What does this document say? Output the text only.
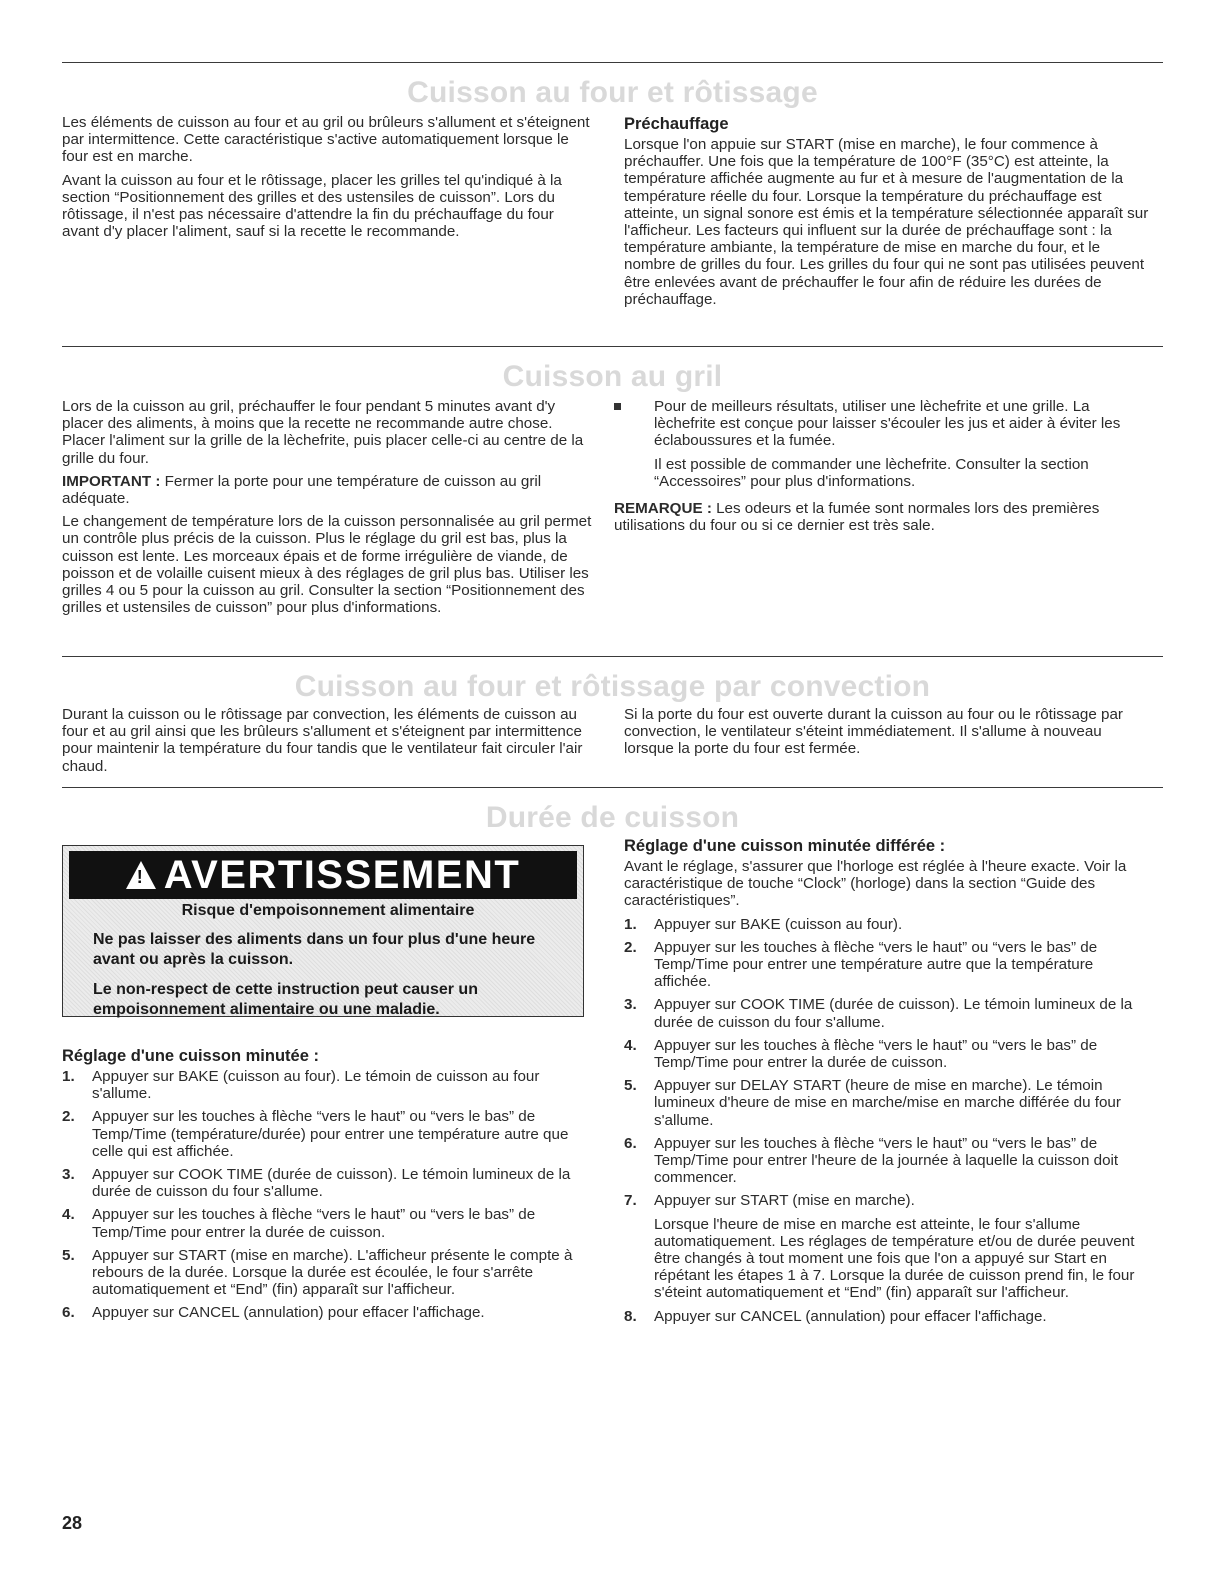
Cuisson au four et rôtissage

Les éléments de cuisson au four et au gril ou brûleurs s'allument et s'éteignent par intermittence. Cette caractéristique s'active automatiquement lorsque le four est en marche.

Avant la cuisson au four et le rôtissage, placer les grilles tel qu'indiqué à la section “Positionnement des grilles et des ustensiles de cuisson”. Lors du rôtissage, il n'est pas nécessaire d'attendre la fin du préchauffage du four avant d'y placer l'aliment, sauf si la recette le recommande.

Préchauffage

Lorsque l'on appuie sur START (mise en marche), le four commence à préchauffer. Une fois que la température de 100°F (35°C) est atteinte, la température affichée augmente au fur et à mesure de l'augmentation de la température réelle du four. Lorsque la température du préchauffage est atteinte, un signal sonore est émis et la température sélectionnée apparaît sur l'afficheur. Les facteurs qui influent sur la durée de préchauffage sont : la température ambiante, la température de mise en marche du four, et le nombre de grilles du four. Les grilles du four qui ne sont pas utilisées peuvent être enlevées avant de préchauffer le four afin de réduire les durées de préchauffage.

Cuisson au gril

Lors de la cuisson au gril, préchauffer le four pendant 5 minutes avant d'y placer des aliments, à moins que la recette ne recommande autre chose. Placer l'aliment sur la grille de la lèchefrite, puis placer celle-ci au centre de la grille du four.

IMPORTANT : Fermer la porte pour une température de cuisson au gril adéquate.

Le changement de température lors de la cuisson personnalisée au gril permet un contrôle plus précis de la cuisson. Plus le réglage du gril est bas, plus la cuisson est lente. Les morceaux épais et de forme irrégulière de viande, de poisson et de volaille cuisent mieux à des réglages de gril plus bas. Utiliser les grilles 4 ou 5 pour la cuisson au gril. Consulter la section “Positionnement des grilles et ustensiles de cuisson” pour plus d'informations.

Pour de meilleurs résultats, utiliser une lèchefrite et une grille. La lèchefrite est conçue pour laisser s'écouler les jus et aider à éviter les éclaboussures et la fumée.

Il est possible de commander une lèchefrite. Consulter la section “Accessoires” pour plus d'informations.

REMARQUE : Les odeurs et la fumée sont normales lors des premières utilisations du four ou si ce dernier est très sale.

Cuisson au four et rôtissage par convection

Durant la cuisson ou le rôtissage par convection, les éléments de cuisson au four et au gril ainsi que les brûleurs s'allument et s'éteignent par intermittence pour maintenir la température du four tandis que le ventilateur fait circuler l'air chaud.

Si la porte du four est ouverte durant la cuisson au four ou le rôtissage par convection, le ventilateur s'éteint immédiatement. Il s'allume à nouveau lorsque la porte du four est fermée.

Durée de cuisson
! AVERTISSEMENT
Risque d'empoisonnement alimentaire
Ne pas laisser des aliments dans un four plus d'une heure avant ou après la cuisson.
Le non-respect de cette instruction peut causer un empoisonnement alimentaire ou une maladie.
Réglage d'une cuisson minutée :
1. Appuyer sur BAKE (cuisson au four). Le témoin de cuisson au four s'allume.
2. Appuyer sur les touches à flèche “vers le haut” ou “vers le bas” de Temp/Time (température/durée) pour entrer une température autre que celle qui est affichée.
3. Appuyer sur COOK TIME (durée de cuisson). Le témoin lumineux de la durée de cuisson du four s'allume.
4. Appuyer sur les touches à flèche “vers le haut” ou “vers le bas” de Temp/Time pour entrer la durée de cuisson.
5. Appuyer sur START (mise en marche). L'afficheur présente le compte à rebours de la durée. Lorsque la durée est écoulée, le four s'arrête automatiquement et “End” (fin) apparaît sur l'afficheur.
6. Appuyer sur CANCEL (annulation) pour effacer l'affichage.
Réglage d'une cuisson minutée différée :

Avant le réglage, s'assurer que l'horloge est réglée à l'heure exacte. Voir la caractéristique de touche “Clock” (horloge) dans la section “Guide des caractéristiques”.

1. Appuyer sur BAKE (cuisson au four).
2. Appuyer sur les touches à flèche “vers le haut” ou “vers le bas” de Temp/Time pour entrer une température autre que la température affichée.
3. Appuyer sur COOK TIME (durée de cuisson). Le témoin lumineux de la durée de cuisson du four s'allume.
4. Appuyer sur les touches à flèche “vers le haut” ou “vers le bas” de Temp/Time pour entrer la durée de cuisson.
5. Appuyer sur DELAY START (heure de mise en marche). Le témoin lumineux d'heure de mise en marche/mise en marche différée du four s'allume.
6. Appuyer sur les touches à flèche “vers le haut” ou “vers le bas” de Temp/Time pour entrer l'heure de la journée à laquelle la cuisson doit commencer.
7. Appuyer sur START (mise en marche).

Lorsque l'heure de mise en marche est atteinte, le four s'allume automatiquement. Les réglages de température et/ou de durée peuvent être changés à tout moment une fois que l'on a appuyé sur Start en répétant les étapes 1 à 7. Lorsque la durée de cuisson prend fin, le four s'éteint automatiquement et “End” (fin) apparaît sur l'afficheur.

8. Appuyer sur CANCEL (annulation) pour effacer l'affichage.
28
